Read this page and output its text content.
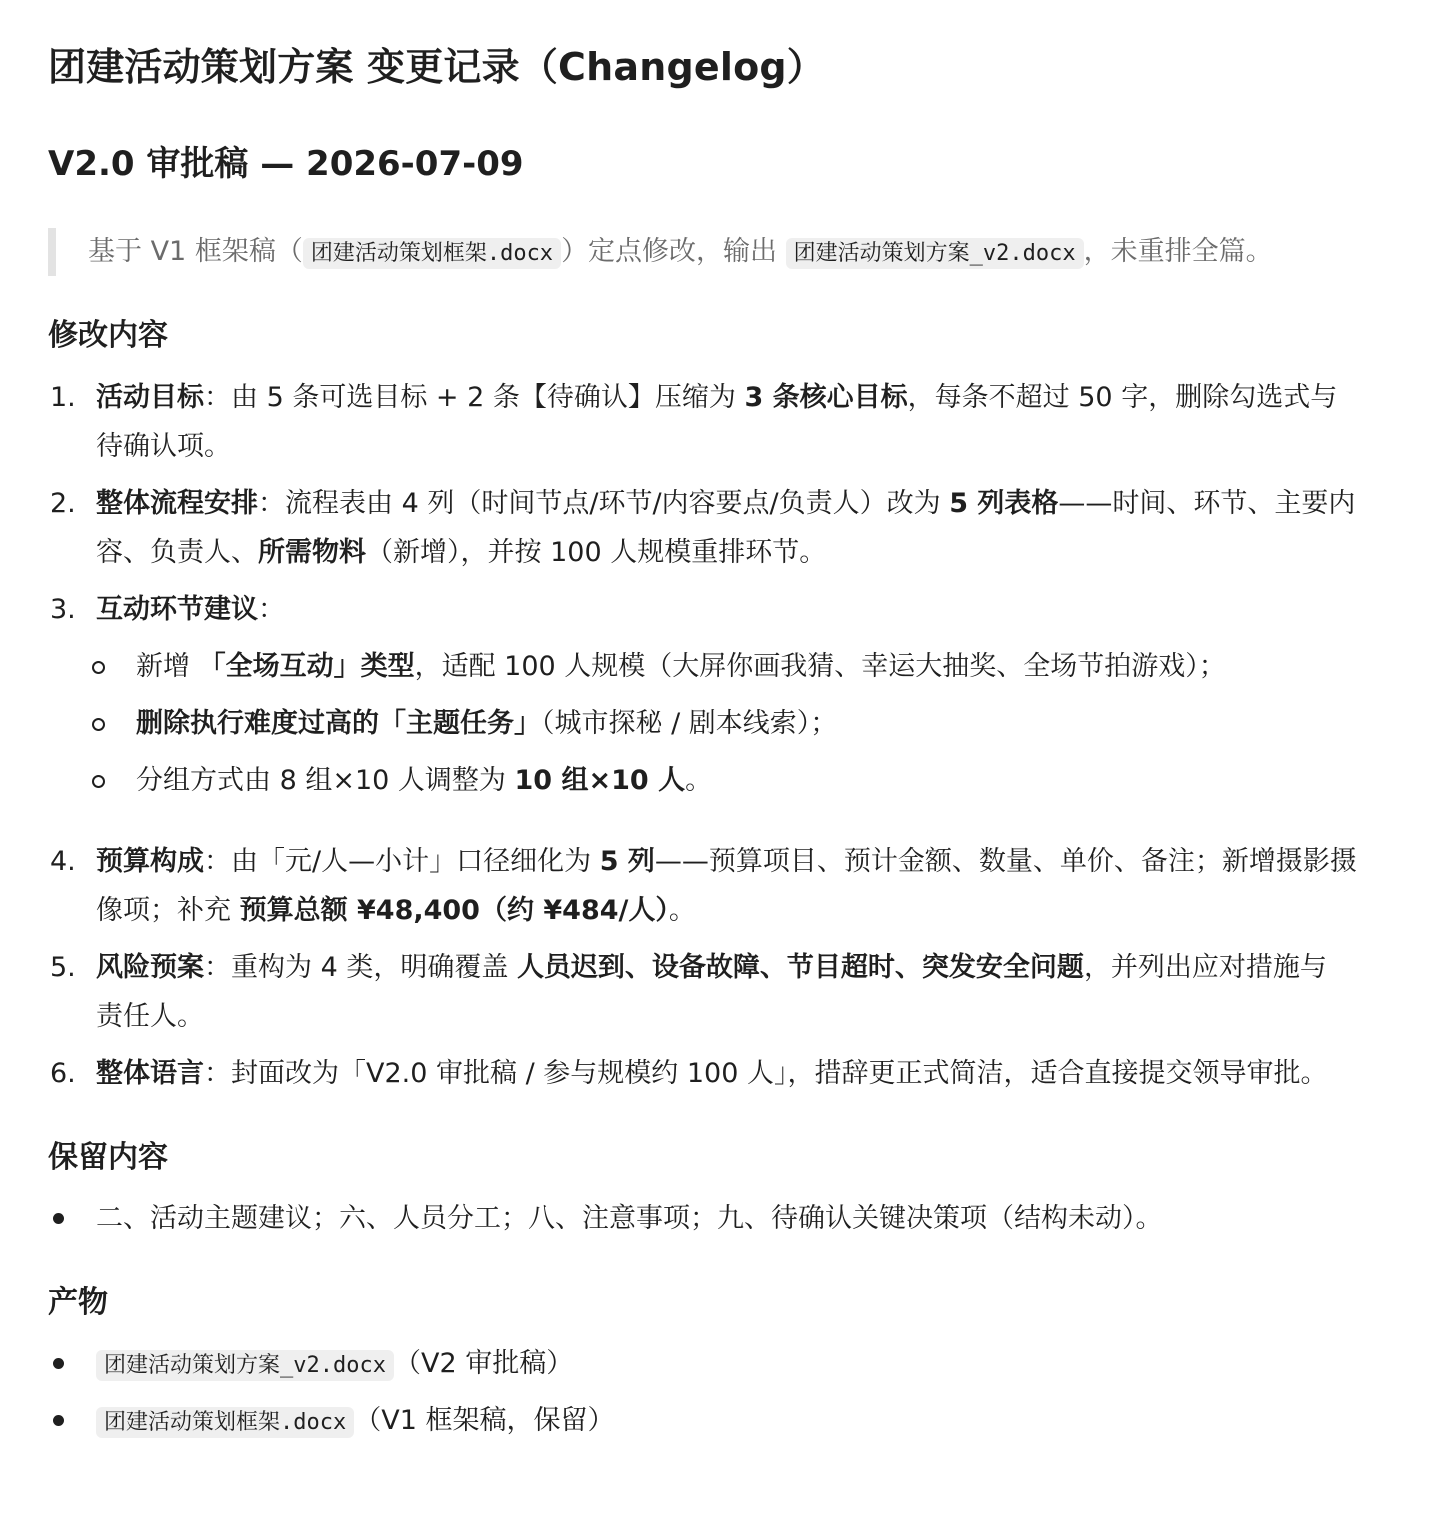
团建活动策划方案 变更记录（Changelog）
V2.0 审批稿 — 2026-07-09
基于 V1 框架稿（ 团建活动策划框架.docx ）定点修改，输出 团建活动策划方案_v2.docx ，未重排全篇。
修改内容
1. 活动目标：由 5 条可选目标 + 2 条【待确认】压缩为 3 条核心目标，每条不超过 50 字，删除勾选式与

待确认项。

2. 整体流程安排：流程表由 4 列（时间节点/环节/内容要点/负责人）改为 5 列表格——时间、环节、主要内

容、负责人、所需物料（新增），并按 100 人规模重排环节。

3. 互动环节建议：

新增 「全场互动」类型，适配 100 人规模（大屏你画我猜、幸运大抽奖、全场节拍游戏）；

删除执行难度过高的「主题任务」（城市探秘 / 剧本线索）；

分组方式由 8 组×10 人调整为 10 组×10 人。

4. 预算构成：由「元/人—小计」口径细化为 5 列——预算项目、预计金额、数量、单价、备注；新增摄影摄

像项；补充 预算总额 ¥48,400（约 ¥484/人）。

5. 风险预案：重构为 4 类，明确覆盖 人员迟到、设备故障、节目超时、突发安全问题，并列出应对措施与

责任人。

6. 整体语言：封面改为「V2.0 审批稿 / 参与规模约 100 人」，措辞更正式简洁，适合直接提交领导审批。

保留内容

二、活动主题建议；六、人员分工；八、注意事项；九、待确认关键决策项（结构未动）。

产物

团建活动策划方案_v2.docx （V2 审批稿）

团建活动策划框架.docx （V1 框架稿，保留）
